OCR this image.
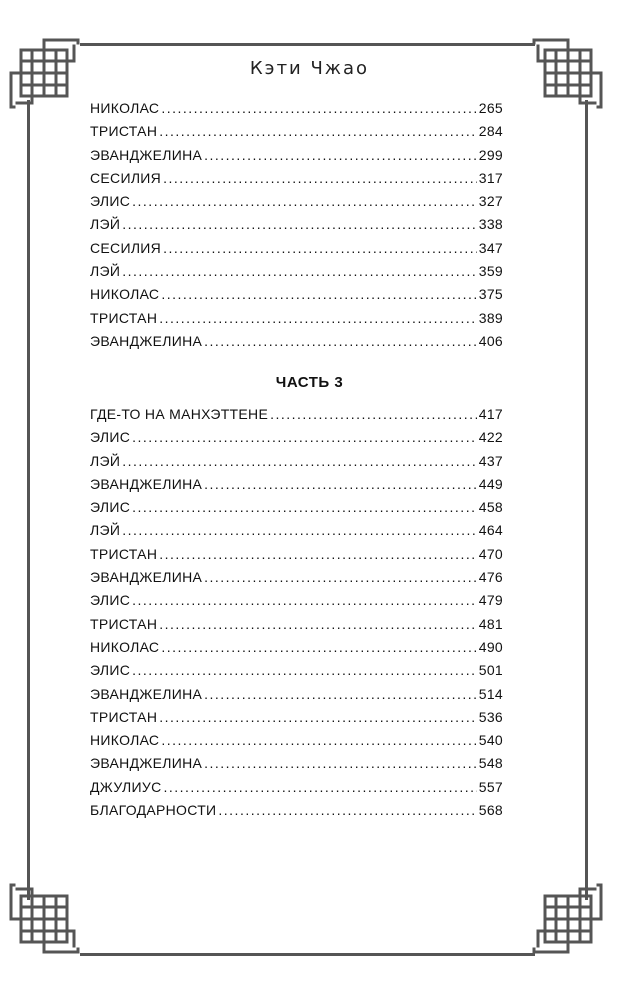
Кэти Чжао
НИКОЛАС . . .	265
ТРИСТАН . . .	284
ЭВАНДЖЕЛИНА . . .	299
СЕСИЛИЯ . . .	317
ЭЛИС . . .	327
ЛЭЙ . . .	338
СЕСИЛИЯ . . .	347
ЛЭЙ . . .	359
НИКОЛАС . . .	375
ТРИСТАН . . .	389
ЭВАНДЖЕЛИНА . . .	406
ЧАСТЬ 3
ГДЕ-ТО НА МАНХЭТТЕНЕ . . .	417
ЭЛИС . . .	422
ЛЭЙ . . .	437
ЭВАНДЖЕЛИНА . . .	449
ЭЛИС . . .	458
ЛЭЙ . . .	464
ТРИСТАН . . .	470
ЭВАНДЖЕЛИНА . . .	476
ЭЛИС . . .	479
ТРИСТАН . . .	481
НИКОЛАС . . .	490
ЭЛИС . . .	501
ЭВАНДЖЕЛИНА . . .	514
ТРИСТАН . . .	536
НИКОЛАС . . .	540
ЭВАНДЖЕЛИНА . . .	548
ДЖУЛИУС . . .	557
БЛАГОДАРНОСТИ . . .	568
